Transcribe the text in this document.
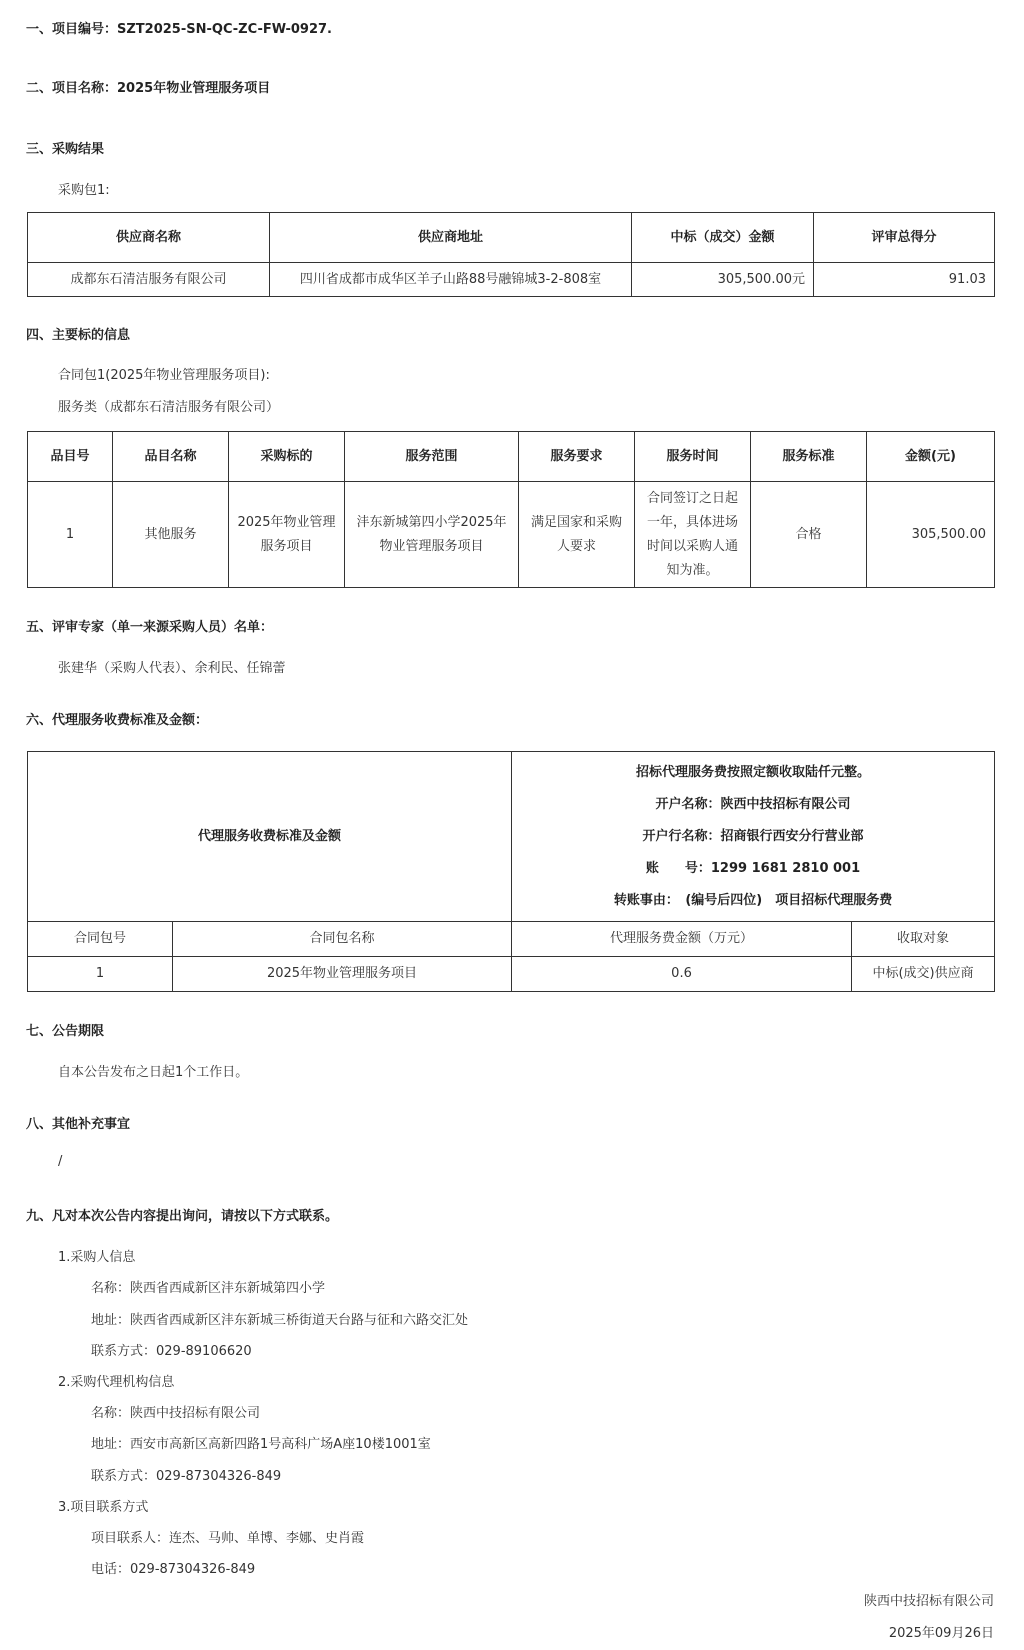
一、项目编号：SZT2025-SN-QC-ZC-FW-0927.
二、项目名称：2025年物业管理服务项目
三、采购结果
采购包1:
供应商名称	供应商地址	中标（成交）金额	评审总得分
成都东石清洁服务有限公司	四川省成都市成华区羊子山路88号融锦城3-2-808室	305,500.00元	91.03
四、主要标的信息
合同包1(2025年物业管理服务项目):
服务类（成都东石清洁服务有限公司）
品目号	品目名称	采购标的	服务范围	服务要求	服务时间	服务标准	金额(元)
1	其他服务	2025年物业管理服务项目	沣东新城第四小学2025年物业管理服务项目	满足国家和采购人要求	合同签订之日起一年，具体进场时间以采购人通知为准。	合格	305,500.00
五、评审专家（单一来源采购人员）名单：
张建华（采购人代表）、余利民、任锦蕾
六、代理服务收费标准及金额：
代理服务收费标准及金额		招标代理服务费按照定额收取陆仟元整。
开户名称：陕西中技招标有限公司
开户行名称：招商银行西安分行营业部
账　　号：1299 1681 2810 001
转账事由：　(编号后四位)　项目招标代理服务费	

合同包号	合同包名称	代理服务费金额（万元）	收取对象
1	2025年物业管理服务项目	0.6	中标(成交)供应商
七、公告期限
自本公告发布之日起1个工作日。
八、其他补充事宜
/
九、凡对本次公告内容提出询问，请按以下方式联系。
1.采购人信息
名称：陕西省西咸新区沣东新城第四小学
地址：陕西省西咸新区沣东新城三桥街道天台路与征和六路交汇处
联系方式：029-89106620
2.采购代理机构信息
名称：陕西中技招标有限公司
地址：西安市高新区高新四路1号高科广场A座10楼1001室
联系方式：029-87304326-849
3.项目联系方式
项目联系人：连杰、马帅、单博、李娜、史肖霞
电话：029-87304326-849
陕西中技招标有限公司
2025年09月26日
